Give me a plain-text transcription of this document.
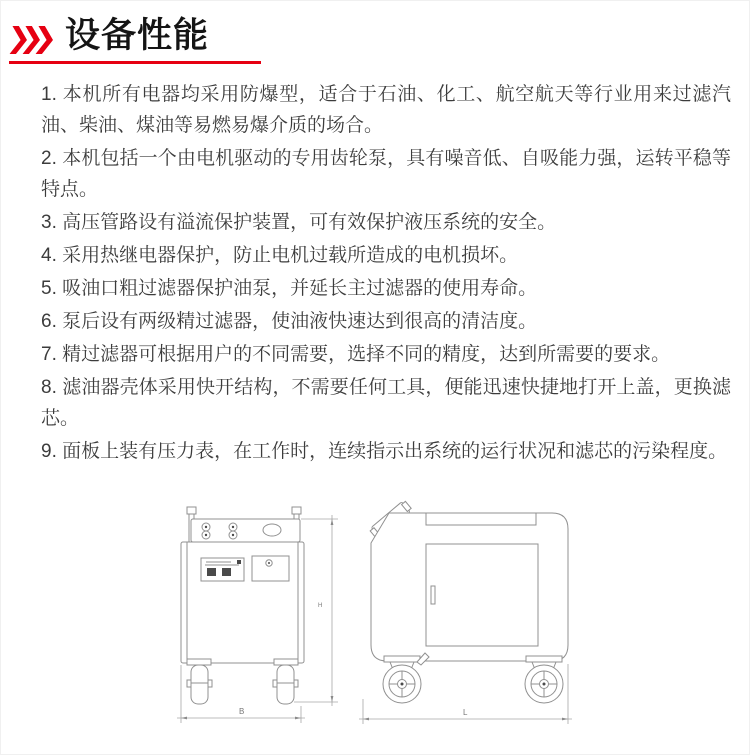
设备性能

1. 本机所有电器均采用防爆型，适合于石油、化工、航空航天等行业用来过滤汽油、柴油、煤油等易燃易爆介质的场合。

2. 本机包括一个由电机驱动的专用齿轮泵，具有噪音低、自吸能力强，运转平稳等特点。

3. 高压管路设有溢流保护装置，可有效保护液压系统的安全。

4. 采用热继电器保护，防止电机过载所造成的电机损坏。

5. 吸油口粗过滤器保护油泵，并延长主过滤器的使用寿命。

6. 泵后设有两级精过滤器，使油液快速达到很高的清洁度。

7. 精过滤器可根据用户的不同需要，选择不同的精度，达到所需要的要求。

8. 滤油器壳体采用快开结构，不需要任何工具，便能迅速快捷地打开上盖，更换滤芯。

9. 面板上装有压力表，在工作时，连续指示出系统的运行状况和滤芯的污染程度。

B
H
L
